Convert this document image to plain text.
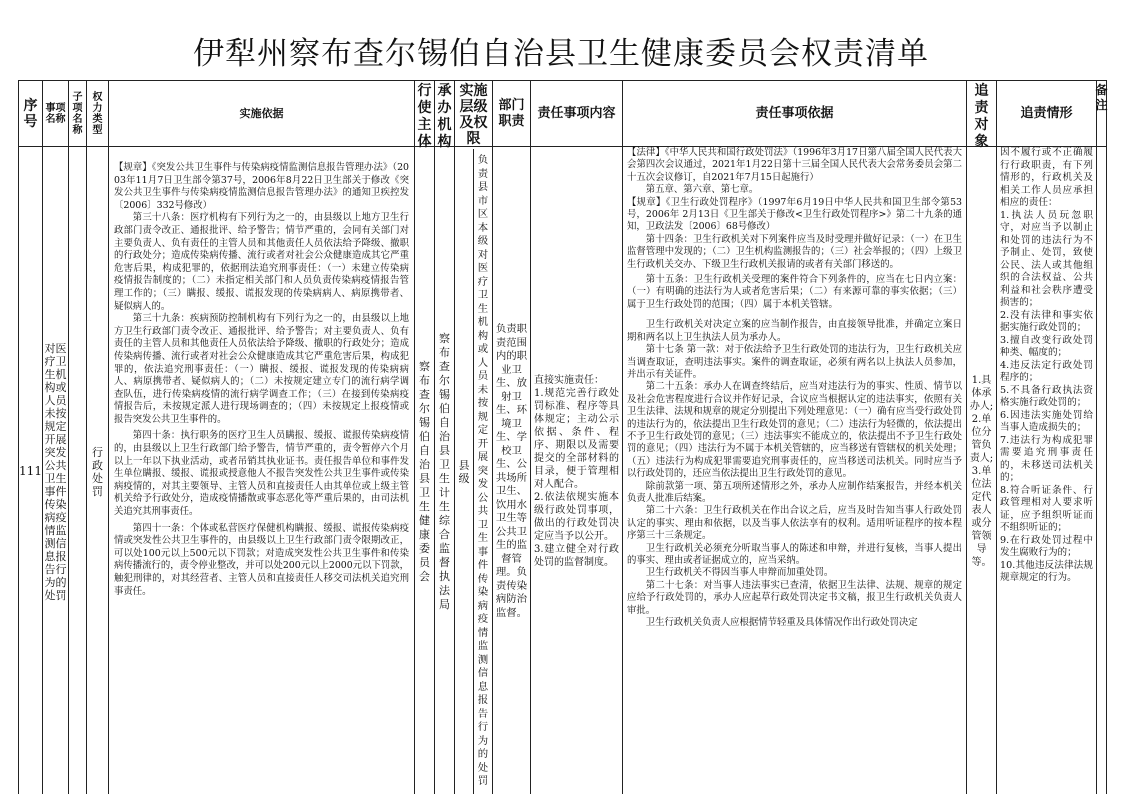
伊犁州察布查尔锡伯自治县卫生健康委员会权责清单
序号
111
事项名称
对医疗卫生机构或人员未按规定开展突发公共卫生事件传染病疫情监测信息报告行为的处罚
子项名称
权力类型
行政处罚
实施依据

【规章】《突发公共卫生事件与传染病疫情监测信息报告管理办法》（2003年11月7日卫生部令第37号，2006年8月22日卫生部关于修改《突发公共卫生事件与传染病疫情监测信息报告管理办法》的通知卫疾控发〔2006〕332号修改）

第三十八条：医疗机构有下列行为之一的，由县级以上地方卫生行政部门责令改正、通报批评、给予警告；情节严重的，会同有关部门对主要负责人、负有责任的主管人员和其他责任人员依法给予降级、撤职的行政处分；造成传染病传播、流行或者对社会公众健康造成其它严重危害后果，构成犯罪的，依据刑法追究刑事责任：（一）未建立传染病疫情报告制度的；（二）未指定相关部门和人员负责传染病疫情报告管理工作的；（三）瞒报、缓报、谎报发现的传染病病人、病原携带者、疑似病人的。

第三十九条：疾病预防控制机构有下列行为之一的，由县级以上地方卫生行政部门责令改正、通报批评、给予警告；对主要负责人、负有责任的主管人员和其他责任人员依法给予降级、撤职的行政处分；造成传染病传播、流行或者对社会公众健康造成其它严重危害后果，构成犯罪的，依法追究刑事责任：（一）瞒报、缓报、谎报发现的传染病病人、病原携带者、疑似病人的；（二）未按规定建立专门的流行病学调查队伍，进行传染病疫情的流行病学调查工作；（三）在接到传染病疫情报告后，未按规定派人进行现场调查的；（四）未按规定上报疫情或报告突发公共卫生事件的。

第四十条：执行职务的医疗卫生人员瞒报、缓报、谎报传染病疫情的，由县级以上卫生行政部门给予警告，情节严重的，责令暂停六个月以上一年以下执业活动，或者吊销其执业证书。责任报告单位和事件发生单位瞒报、缓报、谎报或授意他人不报告突发性公共卫生事件或传染病疫情的，对其主要领导、主管人员和直接责任人由其单位或上级主管机关给予行政处分，造成疫情播散或事态恶化等严重后果的，由司法机关追究其刑事责任。

第四十一条：个体或私营医疗保健机构瞒报、缓报、谎报传染病疫情或突发性公共卫生事件的，由县级以上卫生行政部门责令限期改正，可以处100元以上500元以下罚款；对造成突发性公共卫生事件和传染病传播流行的，责令停业整改，并可以处200元以上2000元以下罚款，触犯刑律的，对其经营者、主管人员和直接责任人移交司法机关追究刑事责任。

行使主体
察布查尔锡伯自治县卫生健康委员会
承办机构
察布查尔锡伯自治县卫生计生综合监督执法局
实施层级及权限
县级
负责县市区本级对医疗卫生机构或人员未按规定开展突发公共卫生事件传染病疫情监测信息报告行为的处罚
部门职责
负责职责范围内的职业卫生、放射卫生、环境卫生、学校卫生、公共场所卫生、饮用水卫生等公共卫生的监督管理。负责传染病防治监督。
责任事项内容

直接实施责任：

1.规范完善行政处罚标准、程序等具体规定；主动公示依据、条件、程序、期限以及需要提交的全部材料的目录，便于管理相对人配合。

2.依法依规实施本级行政处罚事项，做出的行政处罚决定应当予以公开。

3.建立健全对行政处罚的监督制度。

责任事项依据

【法律】《中华人民共和国行政处罚法》（1996年3月17日第八届全国人民代表大会第四次会议通过，2021年1月22日第十三届全国人民代表大会常务委员会第二十五次会议修订，自2021年7月15日起施行）

第五章、第六章、第七章。

【规章】《卫生行政处罚程序》（1997年6月19日中华人民共和国卫生部令第53号，2006年 2月13日《卫生部关于修改<卫生行政处罚程序>》第二十九条的通知，卫政法发〔2006〕68号修改）

第十四条：卫生行政机关对下列案件应当及时受理并做好记录：（一）在卫生监督管理中发现的；（二）卫生机构监测报告的；（三）社会举报的；（四）上级卫生行政机关交办、下级卫生行政机关报请的或者有关部门移送的。

第十五条：卫生行政机关受理的案件符合下列条件的，应当在七日内立案：（一）有明确的违法行为人或者危害后果；（二）有来源可靠的事实依据；（三）属于卫生行政处罚的范围；（四）属于本机关管辖。

卫生行政机关对决定立案的应当制作报告，由直接领导批准，并确定立案日期和两名以上卫生执法人员为承办人。

第十七条 第一款：对于依法给予卫生行政处罚的违法行为，卫生行政机关应当调查取证，查明违法事实。案件的调查取证，必须有两名以上执法人员参加，并出示有关证件。

第二十五条：承办人在调查终结后，应当对违法行为的事实、性质、情节以及社会危害程度进行合议并作好记录，合议应当根据认定的违法事实，依照有关卫生法律、法规和规章的规定分别提出下列处理意见：（一）确有应当受行政处罚的违法行为的，依法提出卫生行政处罚的意见；（二）违法行为轻微的，依法提出不予卫生行政处罚的意见；（三）违法事实不能成立的，依法提出不予卫生行政处罚的意见；（四）违法行为不属于本机关管辖的，应当移送有管辖权的机关处理；（五）违法行为构成犯罪需要追究刑事责任的，应当移送司法机关。同时应当予以行政处罚的，还应当依法提出卫生行政处罚的意见。

除前款第一项、第五项所述情形之外，承办人应制作结案报告，并经本机关负责人批准后结案。

第二十六条：卫生行政机关在作出合议之后，应当及时告知当事人行政处罚认定的事实、理由和依据，以及当事人依法享有的权利。适用听证程序的按本程序第三十三条规定。

卫生行政机关必须充分听取当事人的陈述和申辩，并进行复核，当事人提出的事实、理由或者证据成立的，应当采纳。

卫生行政机关不得因当事人申辩而加重处罚。

第二十七条：对当事人违法事实已查清，依据卫生法律、法规、规章的规定应给予行政处罚的，承办人应起草行政处罚决定书文稿，报卫生行政机关负责人审批。

卫生行政机关负责人应根据情节轻重及具体情况作出行政处罚决定

追责对象
1.具体承办人;2.单位分管负责人;3.单位法定代表人或分管领导等。
追责情形

因不履行或不正确履行行政职责，有下列情形的，行政机关及相关工作人员应承担相应的责任：

1.执法人员玩忽职守，对应当予以制止和处罚的违法行为不予制止、处罚，致使公民、法人或其他组织的合法权益、公共利益和社会秩序遭受损害的；

2.没有法律和事实依据实施行政处罚的；

3.擅自改变行政处罚种类、幅度的；

4.违反法定行政处罚程序的；

5.不具备行政执法资格实施行政处罚的；

6.因违法实施处罚给当事人造成损失的；

7.违法行为构成犯罪需要追究刑事责任的，未移送司法机关的；

8.符合听证条件、行政管理相对人要求听证，应予组织听证而不组织听证的；

9.在行政处罚过程中发生腐败行为的；

10.其他违反法律法规规章规定的行为。

备注
